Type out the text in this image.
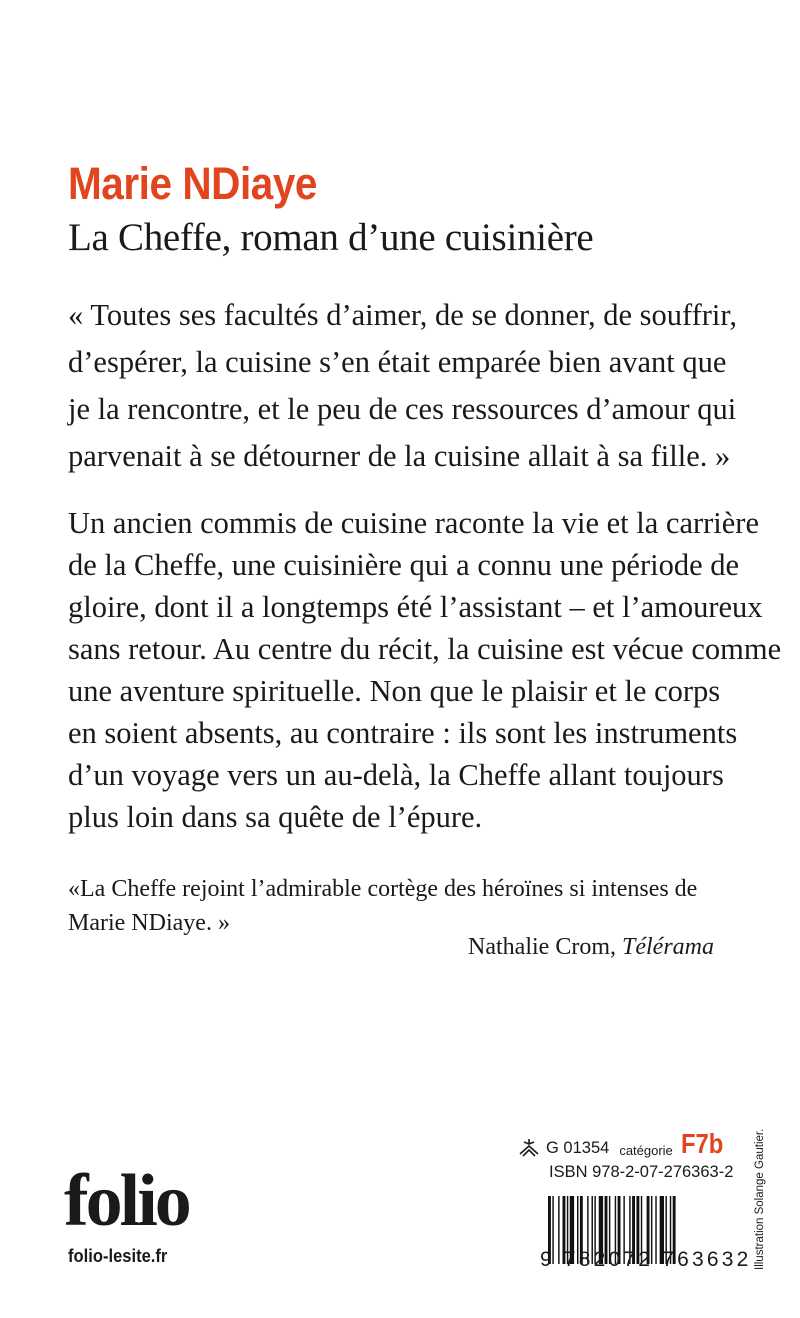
Marie NDiaye
La Cheffe, roman d’une cuisinière
« Toutes ses facultés d’aimer, de se donner, de souffrir,
d’espérer, la cuisine s’en était emparée bien avant que
je la rencontre, et le peu de ces ressources d’amour qui
parvenait à se détourner de la cuisine allait à sa fille. »
Un ancien commis de cuisine raconte la vie et la carrière
de la Cheffe, une cuisinière qui a connu une période de
gloire, dont il a longtemps été l’assistant – et l’amoureux
sans retour. Au centre du récit, la cuisine est vécue comme
une aventure spirituelle. Non que le plaisir et le corps
en soient absents, au contraire : ils sont les instruments
d’un voyage vers un au-delà, la Cheffe allant toujours
plus loin dans sa quête de l’épure.
«La Cheffe rejoint l’admirable cortège des héroïnes si intenses de
Marie NDiaye. »
Nathalie Crom, Télérama
folio
folio-lesite.fr
G 01354 catégorie F7b
ISBN 978-2-07-276363-2
9 782072 763632 Illustration Solange Gautier.
